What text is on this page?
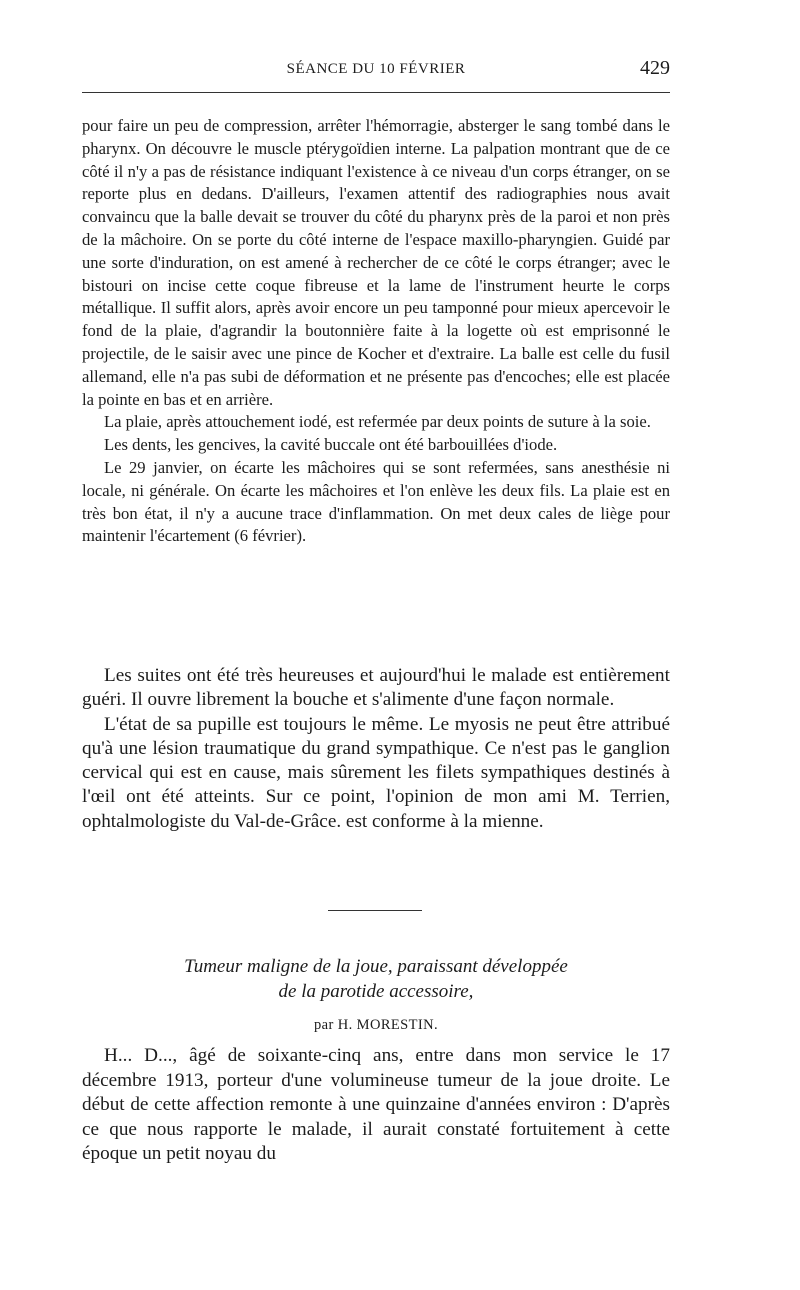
SÉANCE DU 10 FÉVRIER	429

pour faire un peu de compression, arrêter l'hémorragie, absterger le sang tombé dans le pharynx. On découvre le muscle ptérygoïdien interne. La palpation montrant que de ce côté il n'y a pas de résistance indiquant l'existence à ce niveau d'un corps étranger, on se reporte plus en dedans. D'ailleurs, l'examen attentif des radiographies nous avait convaincu que la balle devait se trouver du côté du pharynx près de la paroi et non près de la mâchoire. On se porte du côté interne de l'espace maxillo-pharyngien. Guidé par une sorte d'induration, on est amené à rechercher de ce côté le corps étranger; avec le bistouri on incise cette coque fibreuse et la lame de l'instrument heurte le corps métallique. Il suffit alors, après avoir encore un peu tamponné pour mieux apercevoir le fond de la plaie, d'agrandir la boutonnière faite à la logette où est emprisonné le projectile, de le saisir avec une pince de Kocher et d'extraire. La balle est celle du fusil allemand, elle n'a pas subi de déformation et ne présente pas d'encoches; elle est placée la pointe en bas et en arrière.

La plaie, après attouchement iodé, est refermée par deux points de suture à la soie.

Les dents, les gencives, la cavité buccale ont été barbouillées d'iode.

Le 29 janvier, on écarte les mâchoires qui se sont refermées, sans anesthésie ni locale, ni générale. On écarte les mâchoires et l'on enlève les deux fils. La plaie est en très bon état, il n'y a aucune trace d'inflammation. On met deux cales de liège pour maintenir l'écartement (6 février).

Les suites ont été très heureuses et aujourd'hui le malade est entièrement guéri. Il ouvre librement la bouche et s'alimente d'une façon normale.

L'état de sa pupille est toujours le même. Le myosis ne peut être attribué qu'à une lésion traumatique du grand sympathique. Ce n'est pas le ganglion cervical qui est en cause, mais sûrement les filets sympathiques destinés à l'œil ont été atteints. Sur ce point, l'opinion de mon ami M. Terrien, ophtalmologiste du Val-de-Grâce. est conforme à la mienne.

Tumeur maligne de la joue, paraissant développée
de la parotide accessoire,
par H. MORESTIN.

H... D..., âgé de soixante-cinq ans, entre dans mon service le 17 décembre 1913, porteur d'une volumineuse tumeur de la joue droite. Le début de cette affection remonte à une quinzaine d'années environ : D'après ce que nous rapporte le malade, il aurait constaté fortuitement à cette époque un petit noyau du
